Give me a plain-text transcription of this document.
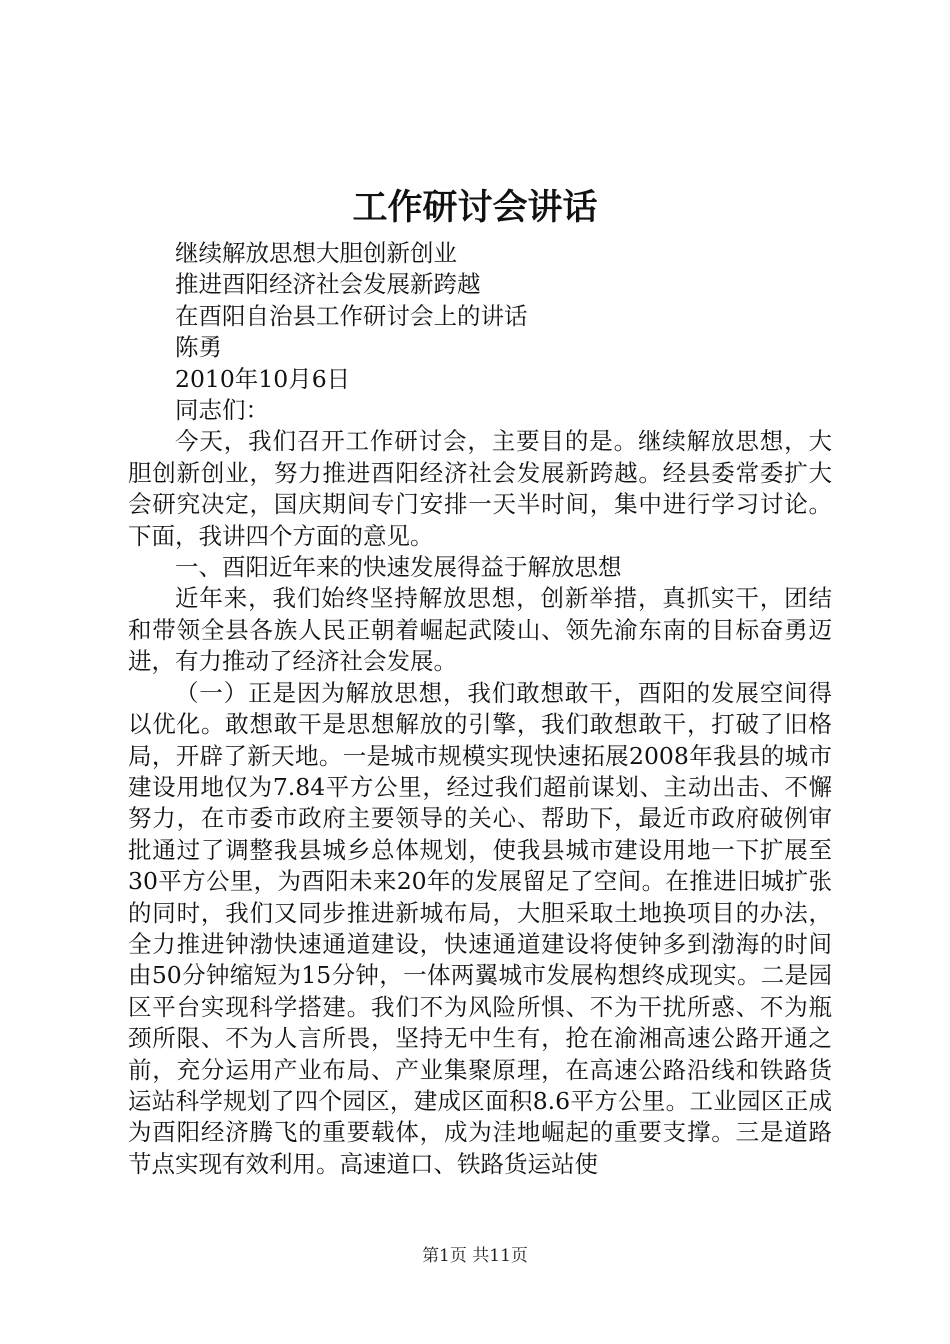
工作研讨会讲话
继续解放思想大胆创新创业
推进酉阳经济社会发展新跨越
在酉阳自治县工作研讨会上的讲话
陈勇
2010年10月6日
同志们：

今天，我们召开工作研讨会，主要目的是。继续解放思想，大胆创新创业，努力推进酉阳经济社会发展新跨越。经县委常委扩大会研究决定，国庆期间专门安排一天半时间，集中进行学习讨论。下面，我讲四个方面的意见。

一、酉阳近年来的快速发展得益于解放思想

近年来，我们始终坚持解放思想，创新举措，真抓实干，团结和带领全县各族人民正朝着崛起武陵山、领先渝东南的目标奋勇迈进，有力推动了经济社会发展。

（一）正是因为解放思想，我们敢想敢干，酉阳的发展空间得以优化。敢想敢干是思想解放的引擎，我们敢想敢干，打破了旧格局，开辟了新天地。一是城市规模实现快速拓展2008年我县的城市建设用地仅为7.84平方公里，经过我们超前谋划、主动出击、不懈努力，在市委市政府主要领导的关心、帮助下，最近市政府破例审批通过了调整我县城乡总体规划，使我县城市建设用地一下扩展至30平方公里，为酉阳未来20年的发展留足了空间。在推进旧城扩张的同时，我们又同步推进新城布局，大胆采取土地换项目的办法，全力推进钟渤快速通道建设，快速通道建设将使钟多到渤海的时间由50分钟缩短为15分钟，一体两翼城市发展构想终成现实。二是园区平台实现科学搭建。我们不为风险所惧、不为干扰所惑、不为瓶颈所限、不为人言所畏，坚持无中生有，抢在渝湘高速公路开通之前，充分运用产业布局、产业集聚原理，在高速公路沿线和铁路货运站科学规划了四个园区，建成区面积8.6平方公里。工业园区正成为酉阳经济腾飞的重要载体，成为洼地崛起的重要支撑。三是道路节点实现有效利用。高速道口、铁路货运站使

第1页 共11页
